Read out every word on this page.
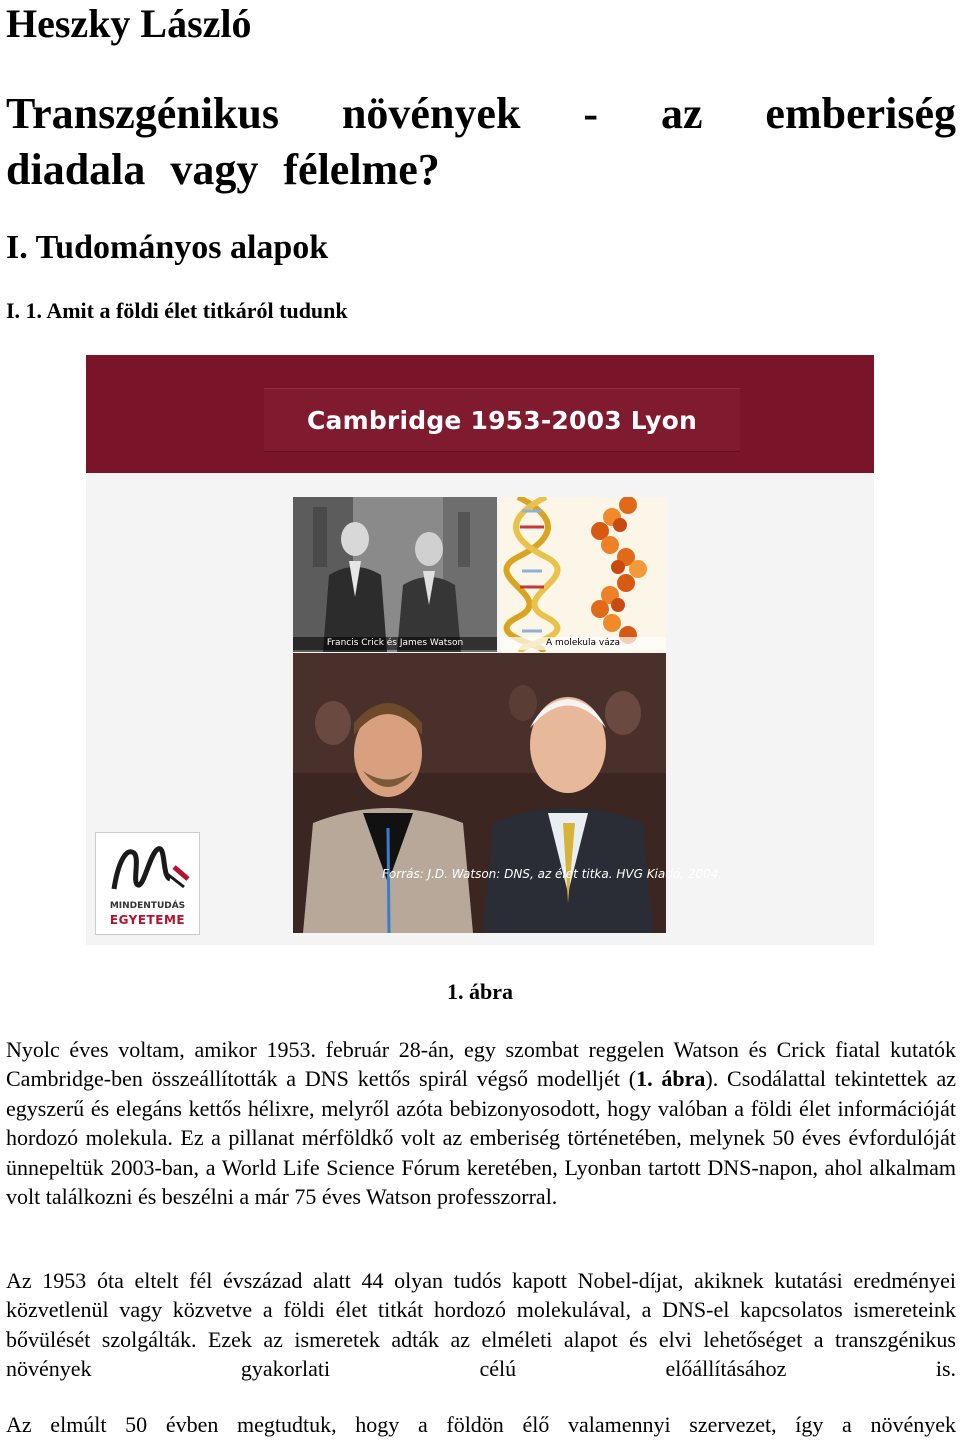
Heszky László
Transzgénikus növények - az emberiség diadala vagy félelme?
I. Tudományos alapok
I. 1. Amit a földi élet titkáról tudunk
Cambridge 1953-2003 Lyon
Francis Crick és James Watson	A molekula váza
Forrás: J.D. Watson: DNS, az élet titka. HVG Kiadó, 2004.
MINDENTUDÁS
EGYETEME

1. ábra

Nyolc éves voltam, amikor 1953. február 28-án, egy szombat reggelen Watson és Crick fiatal kutatók Cambridge-ben összeállították a DNS kettős spirál végső modelljét (1. ábra). Csodálattal tekintettek az egyszerű és elegáns kettős hélixre, melyről azóta bebizonyosodott, hogy valóban a földi élet információját hordozó molekula. Ez a pillanat mérföldkő volt az emberiség történetében, melynek 50 éves évfordulóját ünnepeltük 2003-ban, a World Life Science Fórum keretében, Lyonban tartott DNS-napon, ahol alkalmam volt találkozni és beszélni a már 75 éves Watson professzorral.

Az 1953 óta eltelt fél évszázad alatt 44 olyan tudós kapott Nobel-díjat, akiknek kutatási eredményei közvetlenül vagy közvetve a földi élet titkát hordozó molekulával, a DNS-el kapcsolatos ismereteink bővülését szolgálták. Ezek az ismeretek adták az elméleti alapot és elvi lehetőséget a transzgénikus növények gyakorlati célú előállításához is.

Az elmúlt 50 évben megtudtuk, hogy a földön élő valamennyi szervezet, így a növények
